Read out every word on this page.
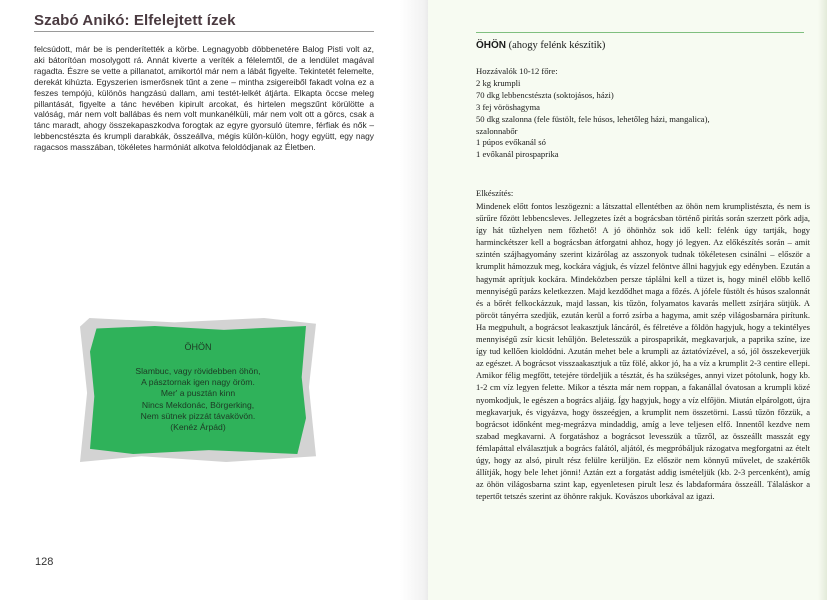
Szabó Anikó: Elfelejtett ízek
felcsúdott, már be is penderítették a körbe. Legnagyobb döbbenetére Balog Pisti volt az, aki bátorítóan mosolygott rá. Annát kiverte a veríték a félelemtől, de a lendület magával ragadta. Észre se vette a pillanatot, amikortól már nem a lábát figyelte. Tekintetét felemelte, derekát kihúzta. Egyszerien ismerősnek tűnt a zene – mintha zsigereiből fakadt volna ez a feszes tempójú, különös hangzású dallam, ami testét-lelkét átjárta. Elkapta öccse meleg pillantását, figyelte a tánc hevében kipirult arcokat, és hirtelen megszűnt körülötte a valóság, már nem volt ballábas és nem volt munkanélküli, már nem volt ott a görcs, csak a tánc maradt, ahogy összekapaszkodva forogtak az egyre gyorsuló ütemre, férfiak és nők – lebbencstészta és krumpli darabkák, összeállva, mégis külön-külön, hogy együtt, egy nagy ragacsos masszában, tökéletes harmóniát alkotva feloldódjanak az Életben.
ÖHÖN
Slambuc, vagy rövidebben öhön,
A pásztornak igen nagy öröm.
Mer' a pusztán kinn
Nincs Mekdonác, Börgerking,
Nem sütnek pizzát távakövön.
(Kenéz Árpád)
128
ÖHÖN (ahogy felénk készítik)
Hozzávalók 10-12 főre:
2 kg krumpli
70 dkg lebbencstészta (soktojásos, házi)
3 fej vöröshagyma
50 dkg szalonna (fele füstölt, fele húsos, lehetőleg házi, mangalica),
szalonnabőr
1 púpos evőkanál só
1 evőkanál pirospaprika
Elkészítés:
Mindenek előtt fontos leszögezni: a látszattal ellentétben az öhön nem krumplistészta, és nem is sűrűre főzött lebbencsleves. Jellegzetes ízét a bográcsban történő pirítás során szerzett pörk adja, így hát tűzhelyen nem főzhető! A jó öhönhöz sok idő kell: felénk úgy tartják, hogy harminckétszer kell a bográcsban átforgatni ahhoz, hogy jó legyen. Az előkészítés során – amit szintén szájhagyomány szerint kizárólag az asszonyok tudnak tökéletesen csinálni – először a krumplit hámozzuk meg, kockára vágjuk, és vízzel felöntve állni hagyjuk egy edényben. Ezután a hagymát aprítjuk kockára. Mindeközben persze táplálni kell a tüzet is, hogy minél előbb kellő mennyiségű parázs keletkezzen. Majd kezdődhet maga a főzés. A jófele füstölt és húsos szalonnát és a bőrét felkockázzuk, majd lassan, kis tűzön, folyamatos kavarás mellett zsírjára sütjük. A pörcöt tányérra szedjük, ezután kerül a forró zsírba a hagyma, amit szép világosbarnára pirítunk. Ha megpuhult, a bográcsot leakasztjuk láncáról, és félretéve a földön hagyjuk, hogy a tekintélyes mennyiségű zsír kicsit lehűljön. Beletesszük a pirospaprikát, megkavarjuk, a paprika színe, ize így tud kellően kioldódni. Azután mehet bele a krumpli az áztatóvízével, a só, jól összekeverjük az egészet. A bográcsot visszaakasztjuk a tűz fölé, akkor jó, ha a víz a krumplit 2-3 centire ellepi. Amikor félig megfőtt, tetejére tördeljük a tésztát, és ha szükséges, annyi vizet pótolunk, hogy kb. 1-2 cm víz legyen felette. Mikor a tészta már nem roppan, a fakanállal óvatosan a krumpli közé nyomkodjuk, le egészen a bogrács aljáig. Így hagyjuk, hogy a víz elfőjön. Miután elpárolgott, újra megkavarjuk, és vigyázva, hogy összeégjen, a krumplit nem összetörni. Lassú tűzön főzzük, a bográcsot időnként meg-megrázva mindaddig, amíg a leve teljesen elfő. Innentől kezdve nem szabad megkavarni. A forgatáshoz a bográcsot levesszük a tűzről, az összeállt masszát egy fémlapáttal elválasztjuk a bogrács falától, aljától, és megpróbáljuk rázogatva megforgatni az ételt úgy, hogy az alsó, pirult rész felülre kerüljön. Ez először nem könnyű művelet, de szakértők állítják, hogy bele lehet jönni! Aztán ezt a forgatást addig ismételjük (kb. 2-3 percenként), amíg az öhön világosbarna szint kap, egyenletesen pirult lesz és labdaformára összeáll. Tálaláskor a tepertőt tetszés szerint az öhönre rakjuk. Kovászos uborkával az igazi.
